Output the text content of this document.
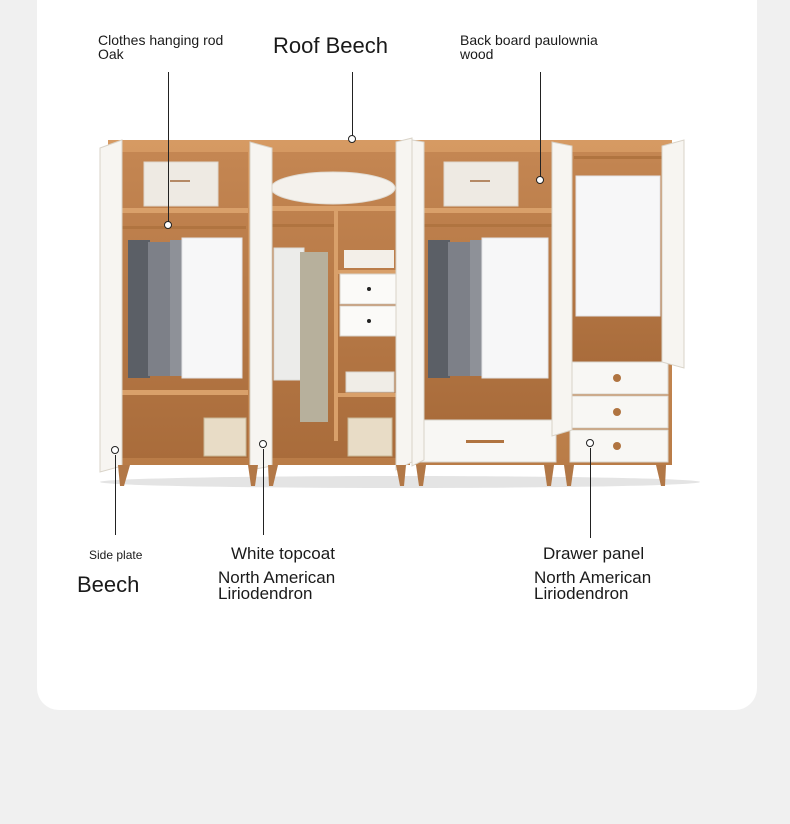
Clothes hanging rod
Oak	Roof Beech	Back board paulownia
wood
Side plate
Beech
White topcoat
North American
Liriodendron
Drawer panel
North American
Liriodendron
